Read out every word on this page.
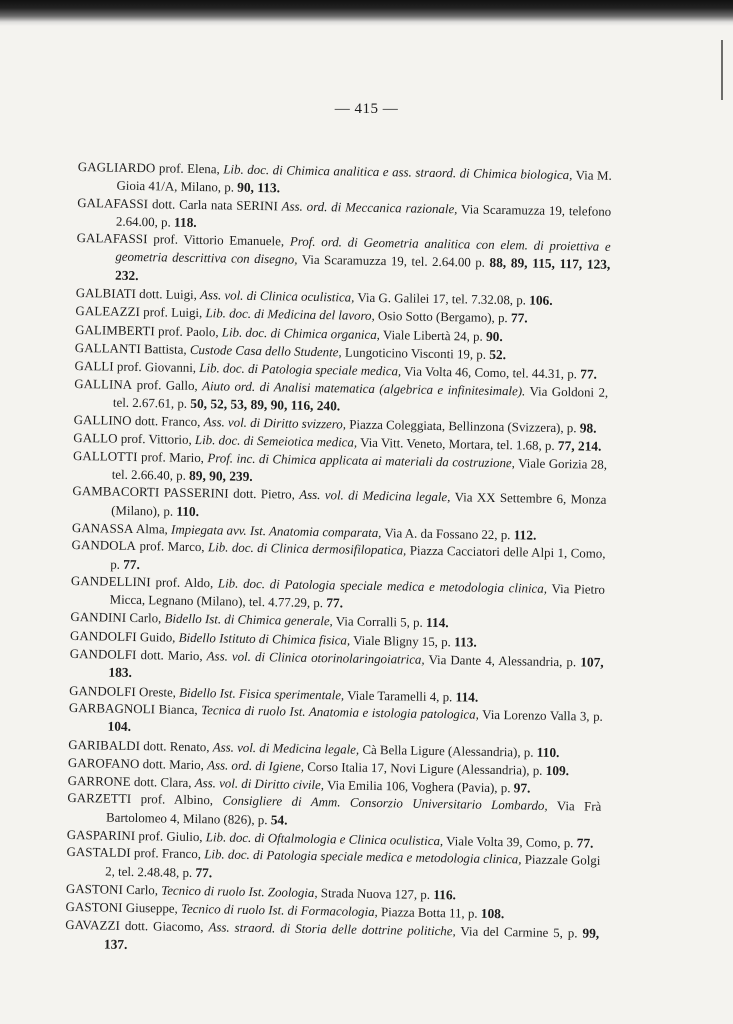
— 415 —
GAGLIARDO prof. Elena, Lib. doc. di Chimica analitica e ass. straord. di Chimica biologica, Via M. Gioia 41/A, Milano, p. 90, 113.
GALAFASSI dott. Carla nata SERINI Ass. ord. di Meccanica razionale, Via Scaramuzza 19, telefono 2.64.00, p. 118.
GALAFASSI prof. Vittorio Emanuele, Prof. ord. di Geometria analitica con elem. di proiettiva e geometria descrittiva con disegno, Via Scaramuzza 19, tel. 2.64.00 p. 88, 89, 115, 117, 123, 232.
GALBIATI dott. Luigi, Ass. vol. di Clinica oculistica, Via G. Galilei 17, tel. 7.32.08, p. 106.
GALEAZZI prof. Luigi, Lib. doc. di Medicina del lavoro, Osio Sotto (Bergamo), p. 77.
GALIMBERTI prof. Paolo, Lib. doc. di Chimica organica, Viale Libertà 24, p. 90.
GALLANTI Battista, Custode Casa dello Studente, Lungoticino Visconti 19, p. 52.
GALLI prof. Giovanni, Lib. doc. di Patologia speciale medica, Via Volta 46, Como, tel. 44.31, p. 77.
GALLINA prof. Gallo, Aiuto ord. di Analisi matematica (algebrica e infinitesimale). Via Goldoni 2, tel. 2.67.61, p. 50, 52, 53, 89, 90, 116, 240.
GALLINO dott. Franco, Ass. vol. di Diritto svizzero, Piazza Coleggiata, Bellinzona (Svizzera), p. 98.
GALLO prof. Vittorio, Lib. doc. di Semeiotica medica, Via Vitt. Veneto, Mortara, tel. 1.68, p. 77, 214.
GALLOTTI prof. Mario, Prof. inc. di Chimica applicata ai materiali da costruzione, Viale Gorizia 28, tel. 2.66.40, p. 89, 90, 239.
GAMBACORTI PASSERINI dott. Pietro, Ass. vol. di Medicina legale, Via XX Settembre 6, Monza (Milano), p. 110.
GANASSA Alma, Impiegata avv. Ist. Anatomia comparata, Via A. da Fossano 22, p. 112.
GANDOLA prof. Marco, Lib. doc. di Clinica dermosifilopatica, Piazza Cacciatori delle Alpi 1, Como, p. 77.
GANDELLINI prof. Aldo, Lib. doc. di Patologia speciale medica e metodologia clinica, Via Pietro Micca, Legnano (Milano), tel. 4.77.29, p. 77.
GANDINI Carlo, Bidello Ist. di Chimica generale, Via Corralli 5, p. 114.
GANDOLFI Guido, Bidello Istituto di Chimica fisica, Viale Bligny 15, p. 113.
GANDOLFI dott. Mario, Ass. vol. di Clinica otorinolaringoiatrica, Via Dante 4, Alessandria, p. 107, 183.
GANDOLFI Oreste, Bidello Ist. Fisica sperimentale, Viale Taramelli 4, p. 114.
GARBAGNOLI Bianca, Tecnica di ruolo Ist. Anatomia e istologia patologica, Via Lorenzo Valla 3, p. 104.
GARIBALDI dott. Renato, Ass. vol. di Medicina legale, Cà Bella Ligure (Alessandria), p. 110.
GAROFANO dott. Mario, Ass. ord. di Igiene, Corso Italia 17, Novi Ligure (Alessandria), p. 109.
GARRONE dott. Clara, Ass. vol. di Diritto civile, Via Emilia 106, Voghera (Pavia), p. 97.
GARZETTI prof. Albino, Consigliere di Amm. Consorzio Universitario Lombardo, Via Frà Bartolomeo 4, Milano (826), p. 54.
GASPARINI prof. Giulio, Lib. doc. di Oftalmologia e Clinica oculistica, Viale Volta 39, Como, p. 77.
GASTALDI prof. Franco, Lib. doc. di Patologia speciale medica e metodologia clinica, Piazzale Golgi 2, tel. 2.48.48, p. 77.
GASTONI Carlo, Tecnico di ruolo Ist. Zoologia, Strada Nuova 127, p. 116.
GASTONI Giuseppe, Tecnico di ruolo Ist. di Formacologia, Piazza Botta 11, p. 108.
GAVAZZI dott. Giacomo, Ass. straord. di Storia delle dottrine politiche, Via del Carmine 5, p. 99, 137.
